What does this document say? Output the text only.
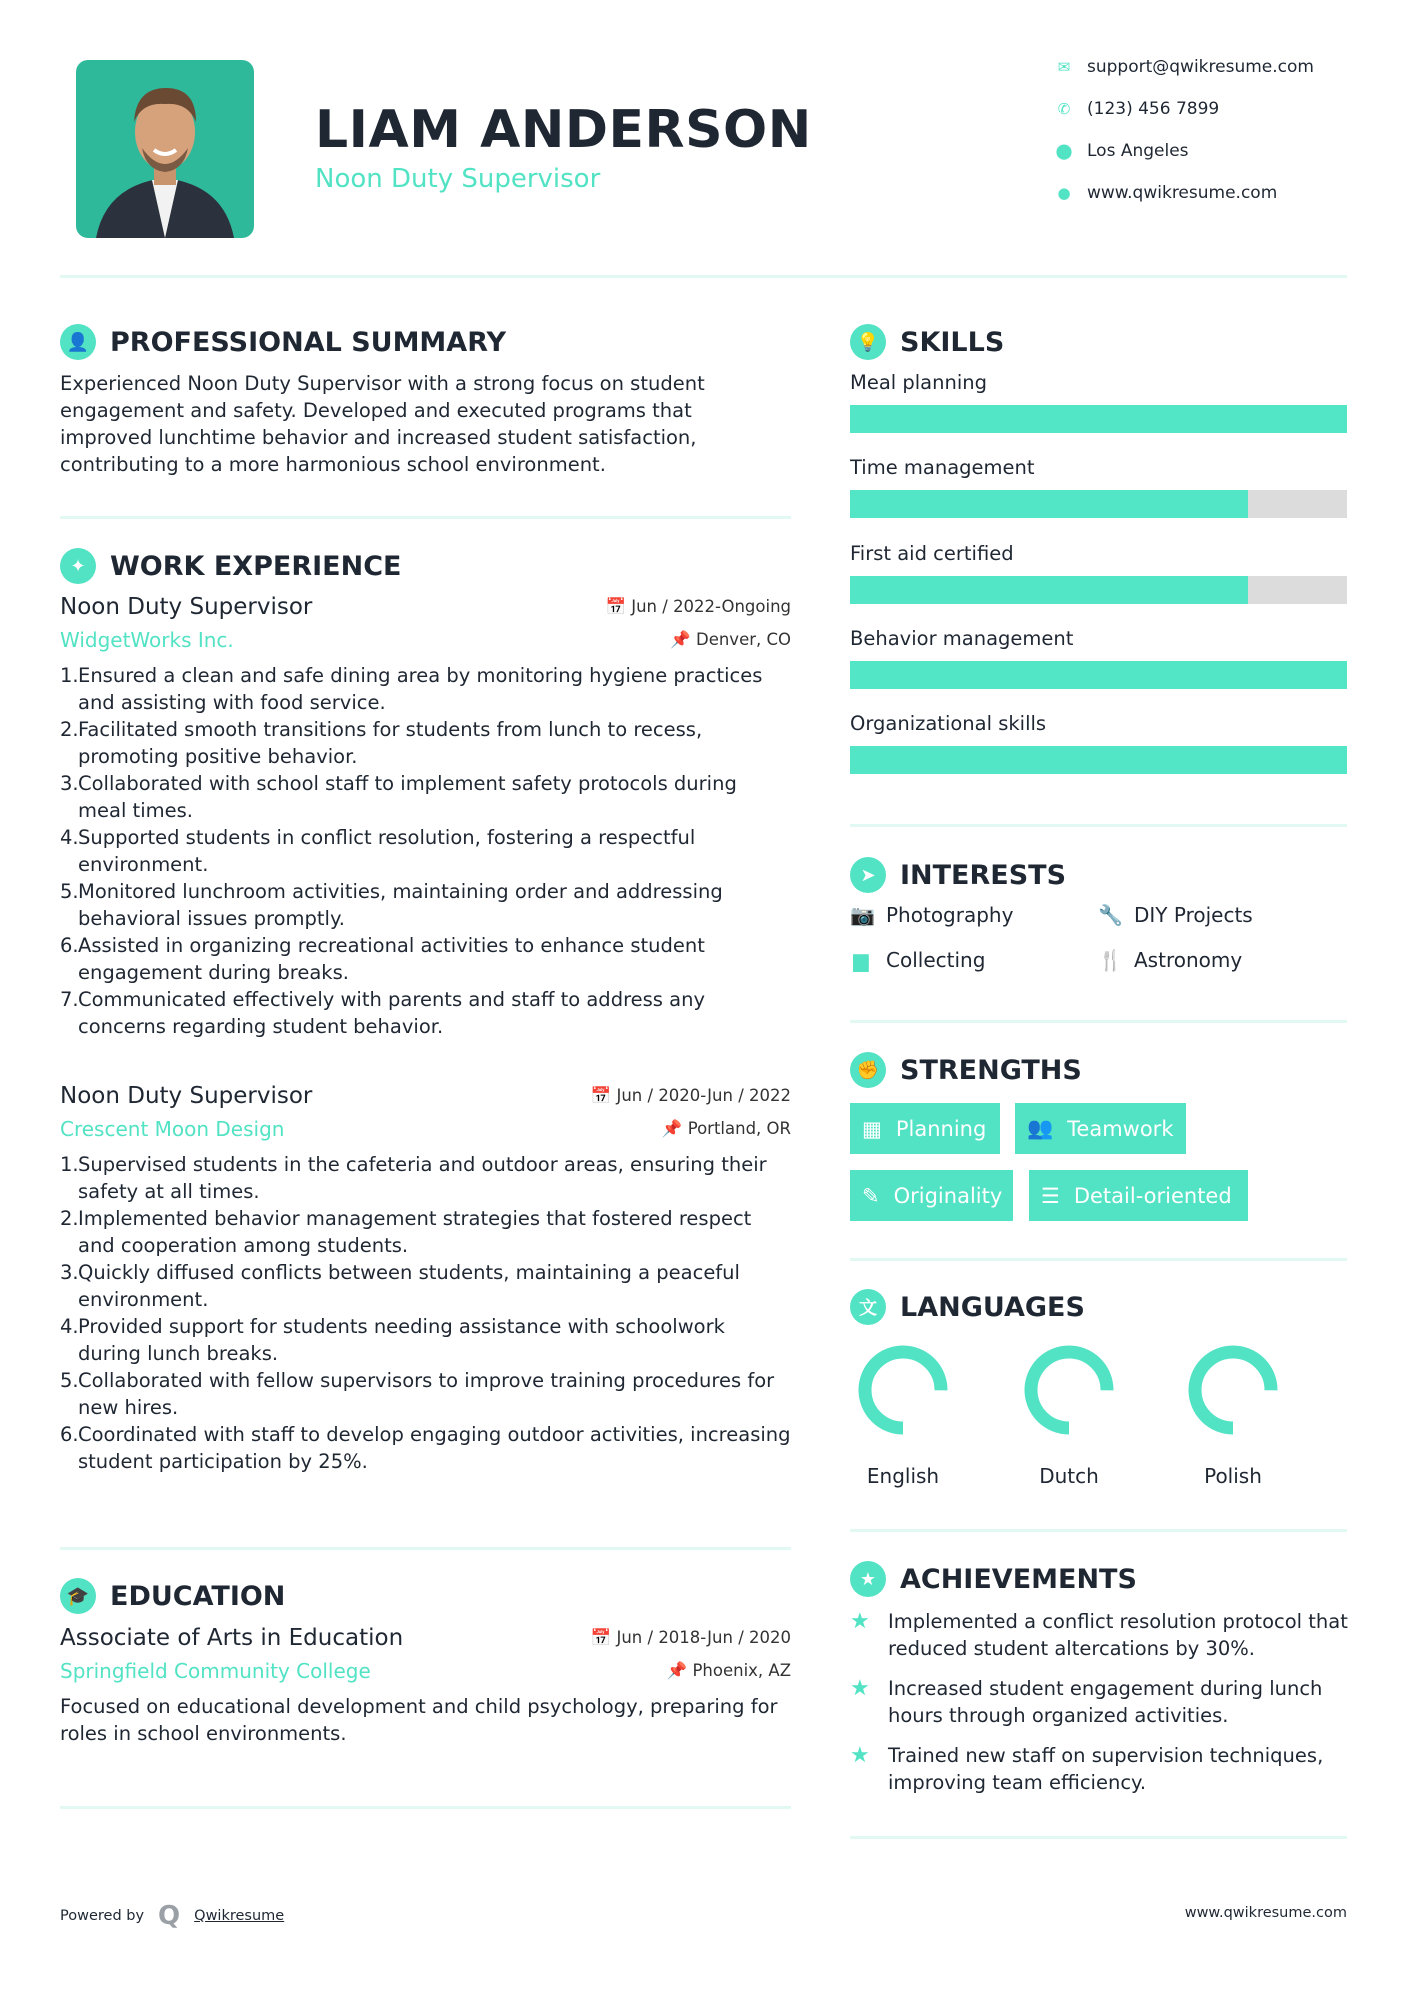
LIAM ANDERSON
Noon Duty Supervisor
✉ support@qwikresume.com
✆ (123) 456 7899
⬤ Los Angeles
● www.qwikresume.com
👤 PROFESSIONAL SUMMARY
Experienced Noon Duty Supervisor with a strong focus on student engagement and safety. Developed and executed programs that improved lunchtime behavior and increased student satisfaction, contributing to a more harmonious school environment.
✦ WORK EXPERIENCE
Noon Duty Supervisor	📅 Jun / 2022-Ongoing
WidgetWorks Inc.	📌 Denver, CO
1. Ensured a clean and safe dining area by monitoring hygiene practices and assisting with food service.
2. Facilitated smooth transitions for students from lunch to recess, promoting positive behavior.
3. Collaborated with school staff to implement safety protocols during meal times.
4. Supported students in conflict resolution, fostering a respectful environment.
5. Monitored lunchroom activities, maintaining order and addressing behavioral issues promptly.
6. Assisted in organizing recreational activities to enhance student engagement during breaks.
7. Communicated effectively with parents and staff to address any concerns regarding student behavior.
Noon Duty Supervisor	📅 Jun / 2020-Jun / 2022
Crescent Moon Design	📌 Portland, OR
1. Supervised students in the cafeteria and outdoor areas, ensuring their safety at all times.
2. Implemented behavior management strategies that fostered respect and cooperation among students.
3. Quickly diffused conflicts between students, maintaining a peaceful environment.
4. Provided support for students needing assistance with schoolwork during lunch breaks.
5. Collaborated with fellow supervisors to improve training procedures for new hires.
6. Coordinated with staff to develop engaging outdoor activities, increasing student participation by 25%.
🎓 EDUCATION
Associate of Arts in Education	📅 Jun / 2018-Jun / 2020
Springfield Community College	📌 Phoenix, AZ
Focused on educational development and child psychology, preparing for roles in school environments.
💡 SKILLS
Meal planning
Time management
First aid certified
Behavior management
Organizational skills
➤ INTERESTS
📷 Photography	🔧 DIY Projects
▆ Collecting	🍴 Astronomy
✊ STRENGTHS
▦ Planning 👥 Teamwork
✎ Originality ☰ Detail-oriented
文 LANGUAGES
English	Dutch	Polish
★ ACHIEVEMENTS
★ Implemented a conflict resolution protocol that reduced student altercations by 30%.
★ Increased student engagement during lunch hours through organized activities.
★ Trained new staff on supervision techniques, improving team efficiency.
Powered by Q Qwikresume	www.qwikresume.com
